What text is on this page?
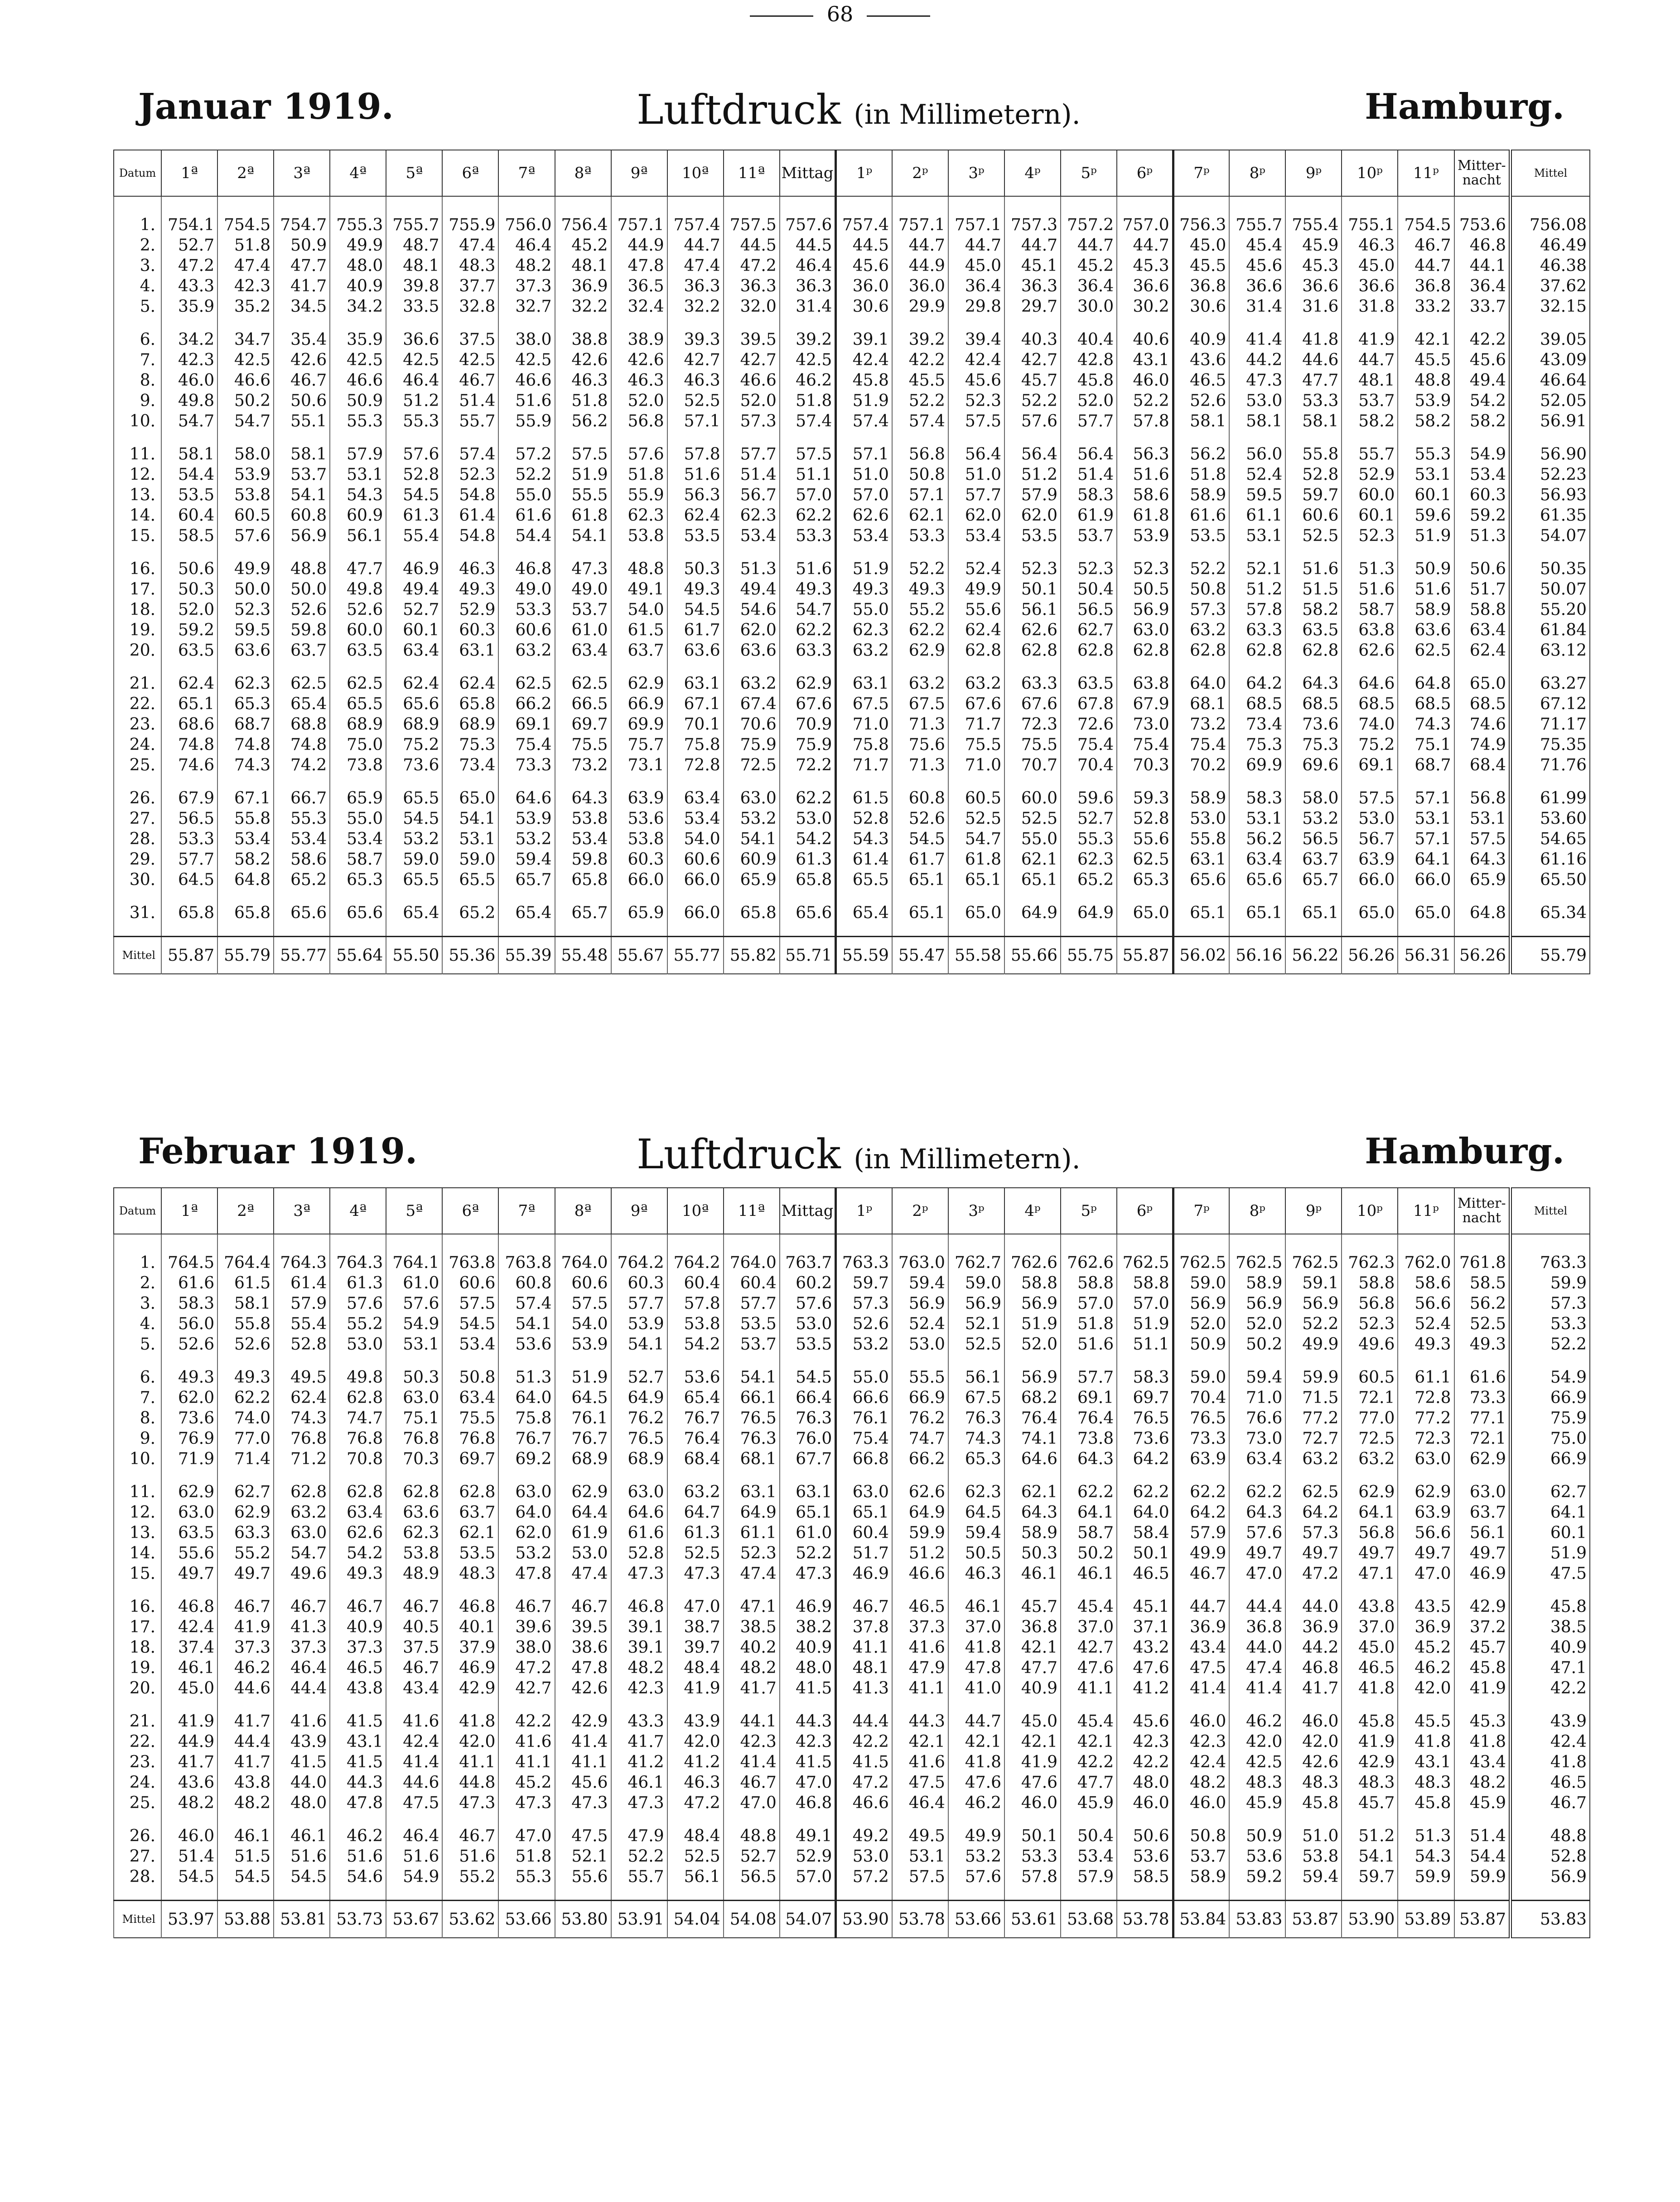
68
Januar 1919.	Luftdruck (in Millimetern).	Hamburg.
Datum	1ª	2ª	3ª	4ª	5ª	6ª	7ª	8ª	9ª	10ª	11ª	Mittag	1ᵖ	2ᵖ	3ᵖ	4ᵖ	5ᵖ	6ᵖ	7ᵖ	8ᵖ	9ᵖ	10ᵖ	11ᵖ	Mitter-nacht	Mittel

1.	754.1	754.5	754.7	755.3	755.7	755.9	756.0	756.4	757.1	757.4	757.5	757.6	757.4	757.1	757.1	757.3	757.2	757.0	756.3	755.7	755.4	755.1	754.5	753.6	756.08
2.	52.7	51.8	50.9	49.9	48.7	47.4	46.4	45.2	44.9	44.7	44.5	44.5	44.5	44.7	44.7	44.7	44.7	44.7	45.0	45.4	45.9	46.3	46.7	46.8	46.49
3.	47.2	47.4	47.7	48.0	48.1	48.3	48.2	48.1	47.8	47.4	47.2	46.4	45.6	44.9	45.0	45.1	45.2	45.3	45.5	45.6	45.3	45.0	44.7	44.1	46.38
4.	43.3	42.3	41.7	40.9	39.8	37.7	37.3	36.9	36.5	36.3	36.3	36.3	36.0	36.0	36.4	36.3	36.4	36.6	36.8	36.6	36.6	36.6	36.8	36.4	37.62
5.	35.9	35.2	34.5	34.2	33.5	32.8	32.7	32.2	32.4	32.2	32.0	31.4	30.6	29.9	29.8	29.7	30.0	30.2	30.6	31.4	31.6	31.8	33.2	33.7	32.15

6.	34.2	34.7	35.4	35.9	36.6	37.5	38.0	38.8	38.9	39.3	39.5	39.2	39.1	39.2	39.4	40.3	40.4	40.6	40.9	41.4	41.8	41.9	42.1	42.2	39.05
7.	42.3	42.5	42.6	42.5	42.5	42.5	42.5	42.6	42.6	42.7	42.7	42.5	42.4	42.2	42.4	42.7	42.8	43.1	43.6	44.2	44.6	44.7	45.5	45.6	43.09
8.	46.0	46.6	46.7	46.6	46.4	46.7	46.6	46.3	46.3	46.3	46.6	46.2	45.8	45.5	45.6	45.7	45.8	46.0	46.5	47.3	47.7	48.1	48.8	49.4	46.64
9.	49.8	50.2	50.6	50.9	51.2	51.4	51.6	51.8	52.0	52.5	52.0	51.8	51.9	52.2	52.3	52.2	52.0	52.2	52.6	53.0	53.3	53.7	53.9	54.2	52.05
10.	54.7	54.7	55.1	55.3	55.3	55.7	55.9	56.2	56.8	57.1	57.3	57.4	57.4	57.4	57.5	57.6	57.7	57.8	58.1	58.1	58.1	58.2	58.2	58.2	56.91

11.	58.1	58.0	58.1	57.9	57.6	57.4	57.2	57.5	57.6	57.8	57.7	57.5	57.1	56.8	56.4	56.4	56.4	56.3	56.2	56.0	55.8	55.7	55.3	54.9	56.90
12.	54.4	53.9	53.7	53.1	52.8	52.3	52.2	51.9	51.8	51.6	51.4	51.1	51.0	50.8	51.0	51.2	51.4	51.6	51.8	52.4	52.8	52.9	53.1	53.4	52.23
13.	53.5	53.8	54.1	54.3	54.5	54.8	55.0	55.5	55.9	56.3	56.7	57.0	57.0	57.1	57.7	57.9	58.3	58.6	58.9	59.5	59.7	60.0	60.1	60.3	56.93
14.	60.4	60.5	60.8	60.9	61.3	61.4	61.6	61.8	62.3	62.4	62.3	62.2	62.6	62.1	62.0	62.0	61.9	61.8	61.6	61.1	60.6	60.1	59.6	59.2	61.35
15.	58.5	57.6	56.9	56.1	55.4	54.8	54.4	54.1	53.8	53.5	53.4	53.3	53.4	53.3	53.4	53.5	53.7	53.9	53.5	53.1	52.5	52.3	51.9	51.3	54.07

16.	50.6	49.9	48.8	47.7	46.9	46.3	46.8	47.3	48.8	50.3	51.3	51.6	51.9	52.2	52.4	52.3	52.3	52.3	52.2	52.1	51.6	51.3	50.9	50.6	50.35
17.	50.3	50.0	50.0	49.8	49.4	49.3	49.0	49.0	49.1	49.3	49.4	49.3	49.3	49.3	49.9	50.1	50.4	50.5	50.8	51.2	51.5	51.6	51.6	51.7	50.07
18.	52.0	52.3	52.6	52.6	52.7	52.9	53.3	53.7	54.0	54.5	54.6	54.7	55.0	55.2	55.6	56.1	56.5	56.9	57.3	57.8	58.2	58.7	58.9	58.8	55.20
19.	59.2	59.5	59.8	60.0	60.1	60.3	60.6	61.0	61.5	61.7	62.0	62.2	62.3	62.2	62.4	62.6	62.7	63.0	63.2	63.3	63.5	63.8	63.6	63.4	61.84
20.	63.5	63.6	63.7	63.5	63.4	63.1	63.2	63.4	63.7	63.6	63.6	63.3	63.2	62.9	62.8	62.8	62.8	62.8	62.8	62.8	62.8	62.6	62.5	62.4	63.12

21.	62.4	62.3	62.5	62.5	62.4	62.4	62.5	62.5	62.9	63.1	63.2	62.9	63.1	63.2	63.2	63.3	63.5	63.8	64.0	64.2	64.3	64.6	64.8	65.0	63.27
22.	65.1	65.3	65.4	65.5	65.6	65.8	66.2	66.5	66.9	67.1	67.4	67.6	67.5	67.5	67.6	67.6	67.8	67.9	68.1	68.5	68.5	68.5	68.5	68.5	67.12
23.	68.6	68.7	68.8	68.9	68.9	68.9	69.1	69.7	69.9	70.1	70.6	70.9	71.0	71.3	71.7	72.3	72.6	73.0	73.2	73.4	73.6	74.0	74.3	74.6	71.17
24.	74.8	74.8	74.8	75.0	75.2	75.3	75.4	75.5	75.7	75.8	75.9	75.9	75.8	75.6	75.5	75.5	75.4	75.4	75.4	75.3	75.3	75.2	75.1	74.9	75.35
25.	74.6	74.3	74.2	73.8	73.6	73.4	73.3	73.2	73.1	72.8	72.5	72.2	71.7	71.3	71.0	70.7	70.4	70.3	70.2	69.9	69.6	69.1	68.7	68.4	71.76

26.	67.9	67.1	66.7	65.9	65.5	65.0	64.6	64.3	63.9	63.4	63.0	62.2	61.5	60.8	60.5	60.0	59.6	59.3	58.9	58.3	58.0	57.5	57.1	56.8	61.99
27.	56.5	55.8	55.3	55.0	54.5	54.1	53.9	53.8	53.6	53.4	53.2	53.0	52.8	52.6	52.5	52.5	52.7	52.8	53.0	53.1	53.2	53.0	53.1	53.1	53.60
28.	53.3	53.4	53.4	53.4	53.2	53.1	53.2	53.4	53.8	54.0	54.1	54.2	54.3	54.5	54.7	55.0	55.3	55.6	55.8	56.2	56.5	56.7	57.1	57.5	54.65
29.	57.7	58.2	58.6	58.7	59.0	59.0	59.4	59.8	60.3	60.6	60.9	61.3	61.4	61.7	61.8	62.1	62.3	62.5	63.1	63.4	63.7	63.9	64.1	64.3	61.16
30.	64.5	64.8	65.2	65.3	65.5	65.5	65.7	65.8	66.0	66.0	65.9	65.8	65.5	65.1	65.1	65.1	65.2	65.3	65.6	65.6	65.7	66.0	66.0	65.9	65.50

31.	65.8	65.8	65.6	65.6	65.4	65.2	65.4	65.7	65.9	66.0	65.8	65.6	65.4	65.1	65.0	64.9	64.9	65.0	65.1	65.1	65.1	65.0	65.0	64.8	65.34

Mittel	55.87	55.79	55.77	55.64	55.50	55.36	55.39	55.48	55.67	55.77	55.82	55.71	55.59	55.47	55.58	55.66	55.75	55.87	56.02	56.16	56.22	56.26	56.31	56.26	55.79
Februar 1919.	Luftdruck (in Millimetern).	Hamburg.
Datum	1ª	2ª	3ª	4ª	5ª	6ª	7ª	8ª	9ª	10ª	11ª	Mittag	1ᵖ	2ᵖ	3ᵖ	4ᵖ	5ᵖ	6ᵖ	7ᵖ	8ᵖ	9ᵖ	10ᵖ	11ᵖ	Mitter-nacht	Mittel

1.	764.5	764.4	764.3	764.3	764.1	763.8	763.8	764.0	764.2	764.2	764.0	763.7	763.3	763.0	762.7	762.6	762.6	762.5	762.5	762.5	762.5	762.3	762.0	761.8	763.3
2.	61.6	61.5	61.4	61.3	61.0	60.6	60.8	60.6	60.3	60.4	60.4	60.2	59.7	59.4	59.0	58.8	58.8	58.8	59.0	58.9	59.1	58.8	58.6	58.5	59.9
3.	58.3	58.1	57.9	57.6	57.6	57.5	57.4	57.5	57.7	57.8	57.7	57.6	57.3	56.9	56.9	56.9	57.0	57.0	56.9	56.9	56.9	56.8	56.6	56.2	57.3
4.	56.0	55.8	55.4	55.2	54.9	54.5	54.1	54.0	53.9	53.8	53.5	53.0	52.6	52.4	52.1	51.9	51.8	51.9	52.0	52.0	52.2	52.3	52.4	52.5	53.3
5.	52.6	52.6	52.8	53.0	53.1	53.4	53.6	53.9	54.1	54.2	53.7	53.5	53.2	53.0	52.5	52.0	51.6	51.1	50.9	50.2	49.9	49.6	49.3	49.3	52.2

6.	49.3	49.3	49.5	49.8	50.3	50.8	51.3	51.9	52.7	53.6	54.1	54.5	55.0	55.5	56.1	56.9	57.7	58.3	59.0	59.4	59.9	60.5	61.1	61.6	54.9
7.	62.0	62.2	62.4	62.8	63.0	63.4	64.0	64.5	64.9	65.4	66.1	66.4	66.6	66.9	67.5	68.2	69.1	69.7	70.4	71.0	71.5	72.1	72.8	73.3	66.9
8.	73.6	74.0	74.3	74.7	75.1	75.5	75.8	76.1	76.2	76.7	76.5	76.3	76.1	76.2	76.3	76.4	76.4	76.5	76.5	76.6	77.2	77.0	77.2	77.1	75.9
9.	76.9	77.0	76.8	76.8	76.8	76.8	76.7	76.7	76.5	76.4	76.3	76.0	75.4	74.7	74.3	74.1	73.8	73.6	73.3	73.0	72.7	72.5	72.3	72.1	75.0
10.	71.9	71.4	71.2	70.8	70.3	69.7	69.2	68.9	68.9	68.4	68.1	67.7	66.8	66.2	65.3	64.6	64.3	64.2	63.9	63.4	63.2	63.2	63.0	62.9	66.9

11.	62.9	62.7	62.8	62.8	62.8	62.8	63.0	62.9	63.0	63.2	63.1	63.1	63.0	62.6	62.3	62.1	62.2	62.2	62.2	62.2	62.5	62.9	62.9	63.0	62.7
12.	63.0	62.9	63.2	63.4	63.6	63.7	64.0	64.4	64.6	64.7	64.9	65.1	65.1	64.9	64.5	64.3	64.1	64.0	64.2	64.3	64.2	64.1	63.9	63.7	64.1
13.	63.5	63.3	63.0	62.6	62.3	62.1	62.0	61.9	61.6	61.3	61.1	61.0	60.4	59.9	59.4	58.9	58.7	58.4	57.9	57.6	57.3	56.8	56.6	56.1	60.1
14.	55.6	55.2	54.7	54.2	53.8	53.5	53.2	53.0	52.8	52.5	52.3	52.2	51.7	51.2	50.5	50.3	50.2	50.1	49.9	49.7	49.7	49.7	49.7	49.7	51.9
15.	49.7	49.7	49.6	49.3	48.9	48.3	47.8	47.4	47.3	47.3	47.4	47.3	46.9	46.6	46.3	46.1	46.1	46.5	46.7	47.0	47.2	47.1	47.0	46.9	47.5

16.	46.8	46.7	46.7	46.7	46.7	46.8	46.7	46.7	46.8	47.0	47.1	46.9	46.7	46.5	46.1	45.7	45.4	45.1	44.7	44.4	44.0	43.8	43.5	42.9	45.8
17.	42.4	41.9	41.3	40.9	40.5	40.1	39.6	39.5	39.1	38.7	38.5	38.2	37.8	37.3	37.0	36.8	37.0	37.1	36.9	36.8	36.9	37.0	36.9	37.2	38.5
18.	37.4	37.3	37.3	37.3	37.5	37.9	38.0	38.6	39.1	39.7	40.2	40.9	41.1	41.6	41.8	42.1	42.7	43.2	43.4	44.0	44.2	45.0	45.2	45.7	40.9
19.	46.1	46.2	46.4	46.5	46.7	46.9	47.2	47.8	48.2	48.4	48.2	48.0	48.1	47.9	47.8	47.7	47.6	47.6	47.5	47.4	46.8	46.5	46.2	45.8	47.1
20.	45.0	44.6	44.4	43.8	43.4	42.9	42.7	42.6	42.3	41.9	41.7	41.5	41.3	41.1	41.0	40.9	41.1	41.2	41.4	41.4	41.7	41.8	42.0	41.9	42.2

21.	41.9	41.7	41.6	41.5	41.6	41.8	42.2	42.9	43.3	43.9	44.1	44.3	44.4	44.3	44.7	45.0	45.4	45.6	46.0	46.2	46.0	45.8	45.5	45.3	43.9
22.	44.9	44.4	43.9	43.1	42.4	42.0	41.6	41.4	41.7	42.0	42.3	42.3	42.2	42.1	42.1	42.1	42.1	42.3	42.3	42.0	42.0	41.9	41.8	41.8	42.4
23.	41.7	41.7	41.5	41.5	41.4	41.1	41.1	41.1	41.2	41.2	41.4	41.5	41.5	41.6	41.8	41.9	42.2	42.2	42.4	42.5	42.6	42.9	43.1	43.4	41.8
24.	43.6	43.8	44.0	44.3	44.6	44.8	45.2	45.6	46.1	46.3	46.7	47.0	47.2	47.5	47.6	47.6	47.7	48.0	48.2	48.3	48.3	48.3	48.3	48.2	46.5
25.	48.2	48.2	48.0	47.8	47.5	47.3	47.3	47.3	47.3	47.2	47.0	46.8	46.6	46.4	46.2	46.0	45.9	46.0	46.0	45.9	45.8	45.7	45.8	45.9	46.7

26.	46.0	46.1	46.1	46.2	46.4	46.7	47.0	47.5	47.9	48.4	48.8	49.1	49.2	49.5	49.9	50.1	50.4	50.6	50.8	50.9	51.0	51.2	51.3	51.4	48.8
27.	51.4	51.5	51.6	51.6	51.6	51.6	51.8	52.1	52.2	52.5	52.7	52.9	53.0	53.1	53.2	53.3	53.4	53.6	53.7	53.6	53.8	54.1	54.3	54.4	52.8
28.	54.5	54.5	54.5	54.6	54.9	55.2	55.3	55.6	55.7	56.1	56.5	57.0	57.2	57.5	57.6	57.8	57.9	58.5	58.9	59.2	59.4	59.7	59.9	59.9	56.9

Mittel	53.97	53.88	53.81	53.73	53.67	53.62	53.66	53.80	53.91	54.04	54.08	54.07	53.90	53.78	53.66	53.61	53.68	53.78	53.84	53.83	53.87	53.90	53.89	53.87	53.83
